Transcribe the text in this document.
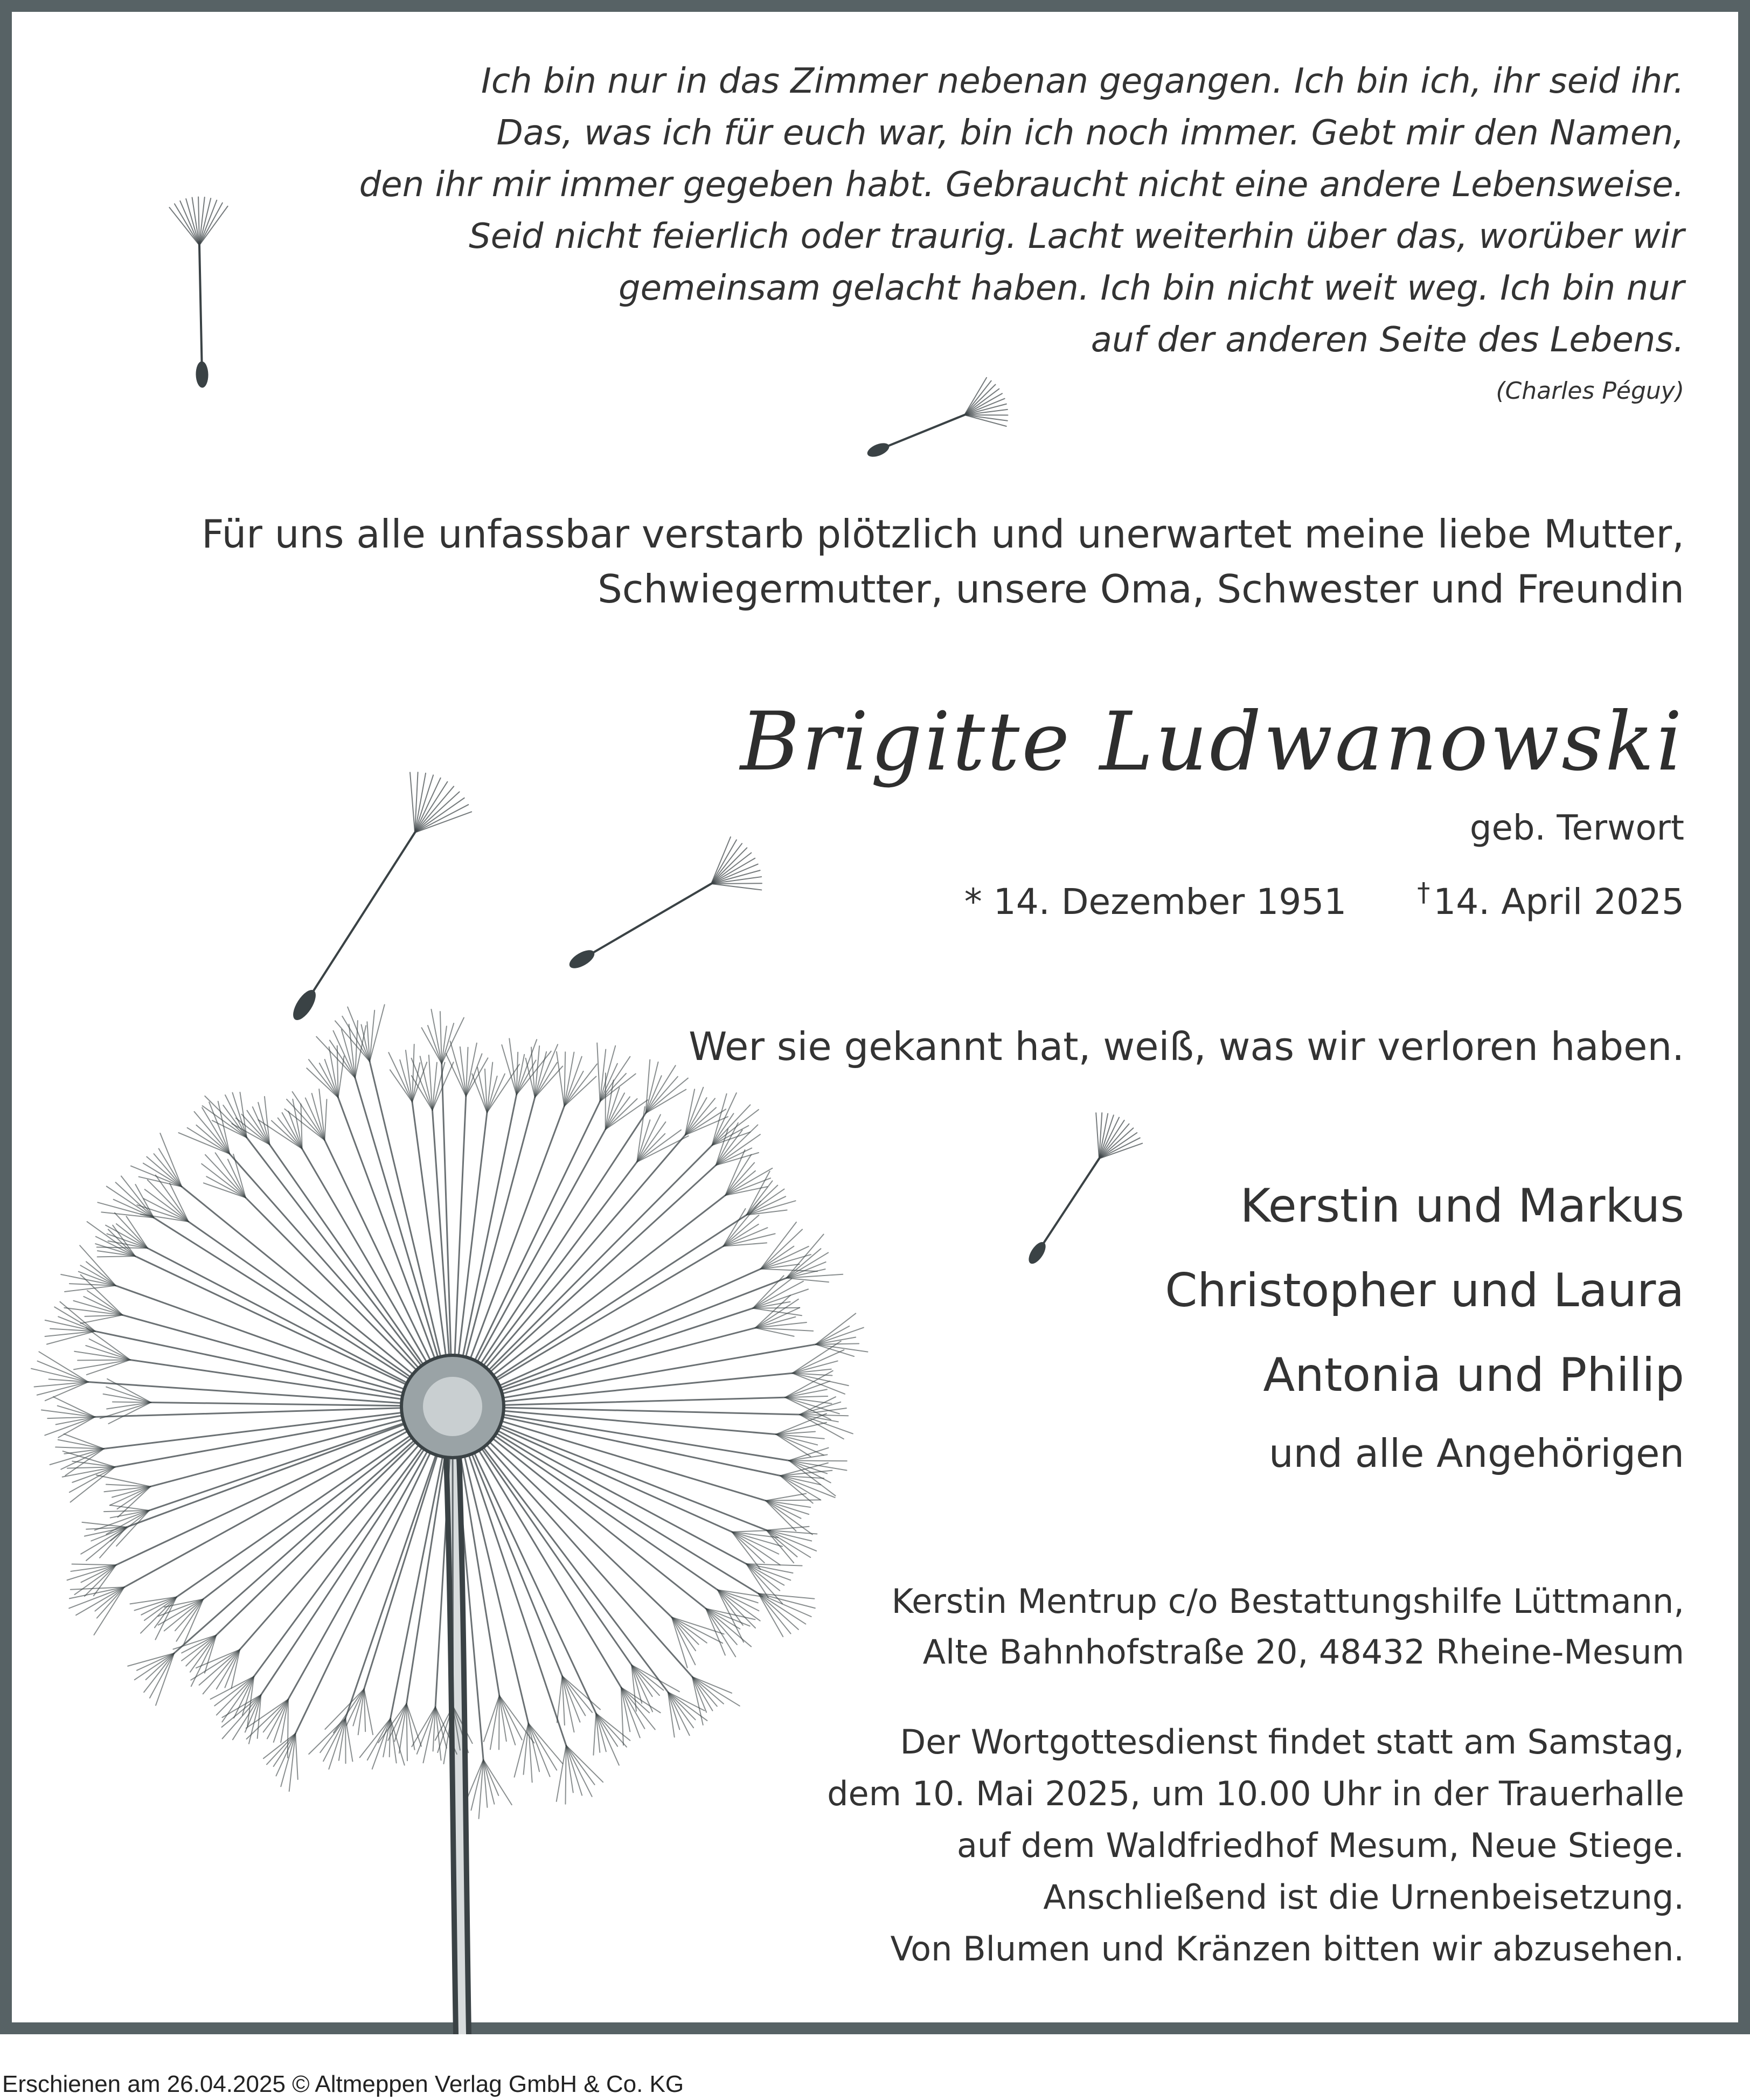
Ich bin nur in das Zimmer nebenan gegangen. Ich bin ich, ihr seid ihr.
Das, was ich für euch war, bin ich noch immer. Gebt mir den Namen,
den ihr mir immer gegeben habt. Gebraucht nicht eine andere Lebensweise.
Seid nicht feierlich oder traurig. Lacht weiterhin über das, worüber wir
gemeinsam gelacht haben. Ich bin nicht weit weg. Ich bin nur
auf der anderen Seite des Lebens.
(Charles Péguy)
Für uns alle unfassbar verstarb plötzlich und unerwartet meine liebe Mutter,
Schwiegermutter, unsere Oma, Schwester und Freundin
Brigitte Ludwanowski
geb. Terwort
* 14. Dezember 1951	†14. April 2025
Wer sie gekannt hat, weiß, was wir verloren haben.
Kerstin und Markus
Christopher und Laura
Antonia und Philip
und alle Angehörigen
Kerstin Mentrup c/o Bestattungshilfe Lüttmann,
Alte Bahnhofstraße 20, 48432 Rheine-Mesum
Der Wortgottesdienst findet statt am Samstag,
dem 10. Mai 2025, um 10.00 Uhr in der Trauerhalle
auf dem Waldfriedhof Mesum, Neue Stiege.
Anschließend ist die Urnenbeisetzung.
Von Blumen und Kränzen bitten wir abzusehen.
Erschienen am 26.04.2025 © Altmeppen Verlag GmbH & Co. KG
